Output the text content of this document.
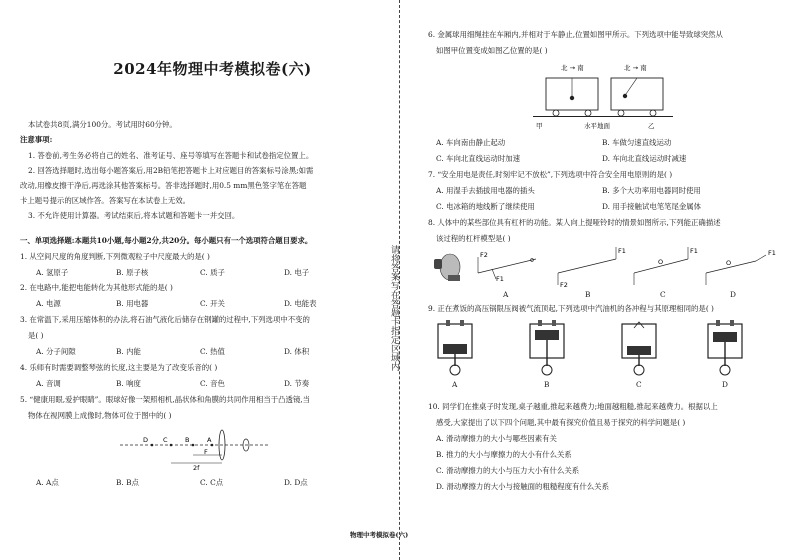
2024年物理中考模拟卷(六)
本试卷共8页,满分100分。考试用时60分钟。
注意事项:
1. 答卷前,考生务必将自己的姓名、准考证号、座号等填写在答题卡和试卷指定位置上。
2. 回答选择题时,选出每小题答案后,用2B铅笔把答题卡上对应题目的答案标号涂黑;如需
改动,用橡皮擦干净后,再选涂其他答案标号。答非选择题时,用0.5 mm黑色签字笔在答题
卡上题号提示的区域作答。答案写在本试卷上无效。
3. 不允许使用计算器。考试结束后,将本试题和答题卡一并交回。
一、单项选择题:本题共10小题,每小题2分,共20分。每小题只有一个选项符合题目要求。
1. 从空间尺度的角度判断,下列微观粒子中尺度最大的是( )
A. 氢原子	B. 原子核	C. 质子	D. 电子
2. 在电路中,能把电能转化为其他形式能的是( )
A. 电源	B. 用电器	C. 开关	D. 电能表
3. 在常温下,采用压缩体积的办法,将石油气液化后储存在钢罐的过程中,下列选项中不变的
是( )
A. 分子间隙	B. 内能	C. 热值	D. 体积
4. 乐师有时需要调整琴弦的长度,这主要是为了改变乐音的( )
A. 音调	B. 响度	C. 音色	D. 节奏
5. “健康用眼,爱护眼睛”。眼球好像一架照相机,晶状体和角膜的共同作用相当于凸透镜,当
物体在视网膜上成像时,物体可位于图中的( )
D C	B	A
F
2f
A. A点	B. B点	C. C点	D. D点
请将答案写在答题卡指定区域内
6. 金属球用细绳挂在车厢内,并相对于车静止,位置如图甲所示。下列选项中能导致球突然从
如图甲位置变成如图乙位置的是( )
北 → 南
甲	水平地面
北 → 南
乙
A. 车向南由静止起动	B. 车做匀速直线运动
C. 车向北直线运动时加速	D. 车向北直线运动时减速
7. “安全用电是责任,时刻牢记不放松”,下列选项中符合安全用电原则的是( )
A. 用湿手去插拔用电器的插头	B. 多个大功率用电器同时使用
C. 电冰箱的地线断了继续使用	D. 用手接触试电笔笔尾金属体
8. 人体中的某些部位具有杠杆的功能。某人向上提哑铃时的情景如图所示,下列能正确描述
该过程的杠杆模型是( )
F2
F1
F1
F2
O
F1
O
F1
A	B	C	D
9. 正在煮饭的高压锅限压阀被气流顶起,下列选项中汽油机的各冲程与其原理相同的是( )
A	B	C	D
10. 同学们在推桌子时发现,桌子越重,推起来越费力;地面越粗糙,推起来越费力。根据以上
感受,大家提出了以下四个问题,其中最有探究价值且易于探究的科学问题是( )
A. 滑动摩擦力的大小与哪些因素有关
B. 推力的大小与摩擦力的大小有什么关系
C. 滑动摩擦力的大小与压力大小有什么关系
D. 滑动摩擦力的大小与接触面的粗糙程度有什么关系
物理中考模拟卷(六)
